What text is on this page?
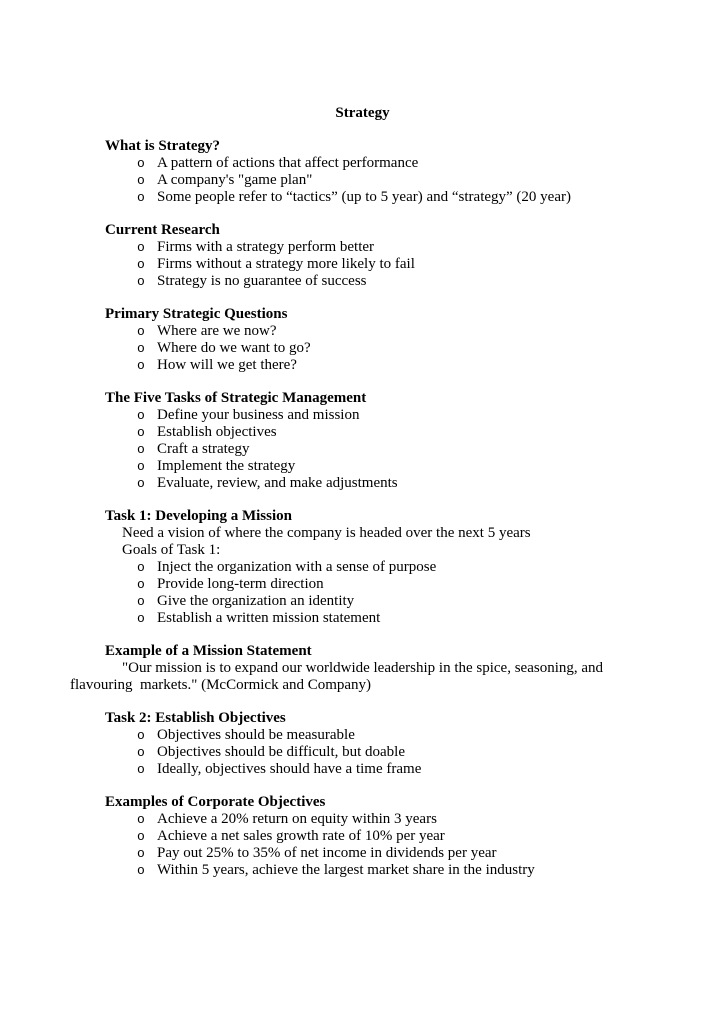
Strategy
What is Strategy?
o A pattern of actions that affect performance
o A company's "game plan"
o Some people refer to “tactics” (up to 5 year) and “strategy” (20 year)
Current Research
o Firms with a strategy perform better
o Firms without a strategy more likely to fail
o Strategy is no guarantee of success
Primary Strategic Questions
o Where are we now?
o Where do we want to go?
o How will we get there?
The Five Tasks of Strategic Management
o Define your business and mission
o Establish objectives
o Craft a strategy
o Implement the strategy
o Evaluate, review, and make adjustments
Task 1: Developing a Mission

Need a vision of where the company is headed over the next 5 years

Goals of Task 1:

o Inject the organization with a sense of purpose
o Provide long-term direction
o Give the organization an identity
o Establish a written mission statement
Example of a Mission Statement

"Our mission is to expand our worldwide leadership in the spice, seasoning, and flavouring  markets." (McCormick and Company)

Task 2: Establish Objectives
o Objectives should be measurable
o Objectives should be difficult, but doable
o Ideally, objectives should have a time frame
Examples of Corporate Objectives
o Achieve a 20% return on equity within 3 years
o Achieve a net sales growth rate of 10% per year
o Pay out 25% to 35% of net income in dividends per year
o Within 5 years, achieve the largest market share in the industry
